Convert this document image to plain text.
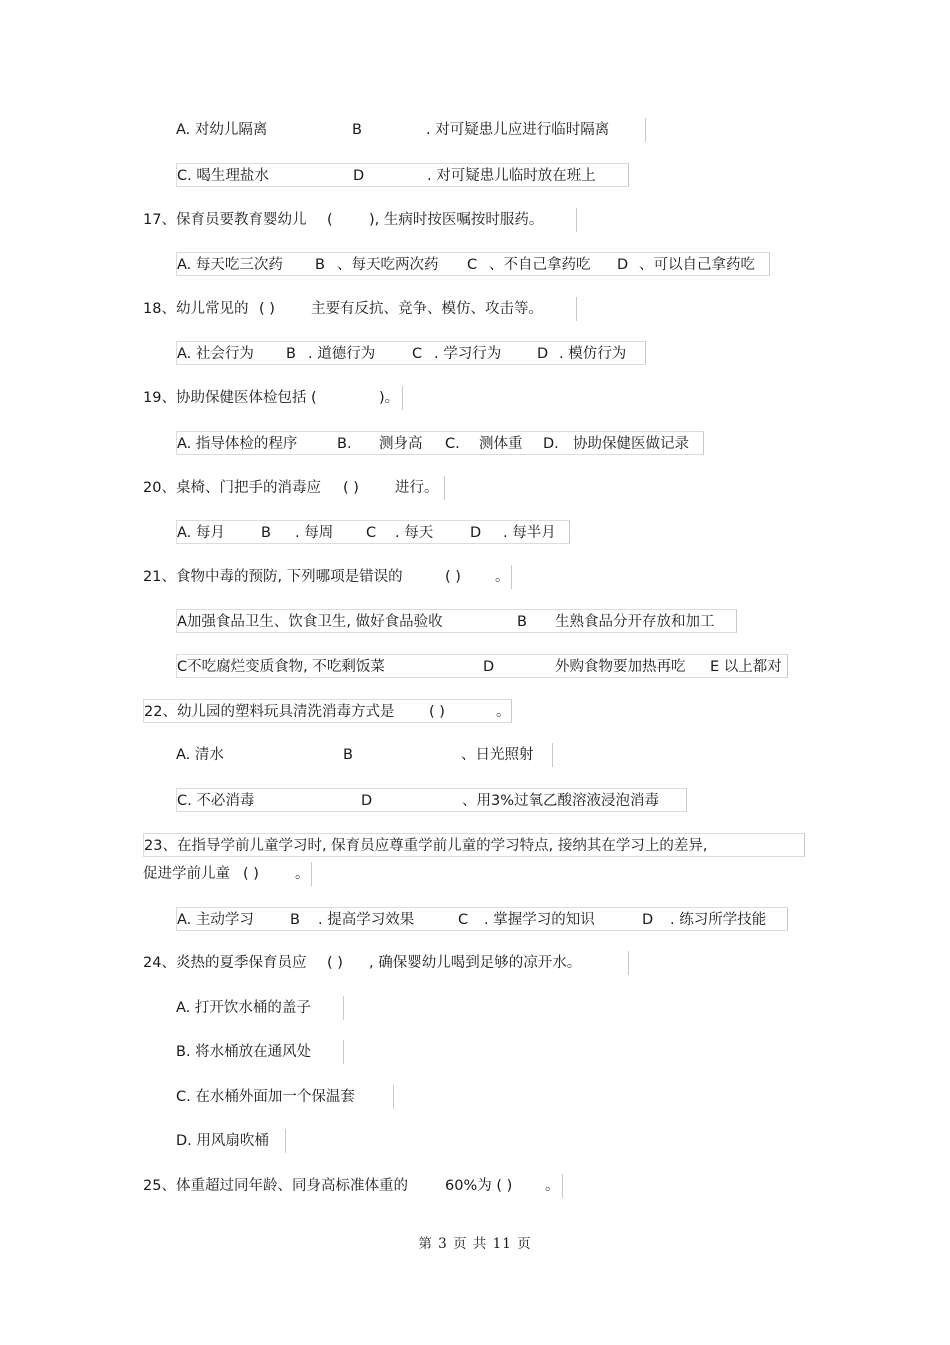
A. 对幼儿隔离	B	. 对可疑患儿应进行临时隔离
C. 喝生理盐水	D	. 对可疑患儿临时放在班上
17、保育员要教育婴幼儿 (	), 生病时按医嘱按时服药。
A. 每天吃三次药 B 、每天吃两次药 C 、不自己拿药吃 D 、可以自己拿药吃
18、幼儿常见的 ( ) 主要有反抗、竞争、模仿、攻击等。
A. 社会行为 B . 道德行为	C . 学习行为 D . 模仿行为
19、协助保健医体检包括 (	)。
A. 指导体检的程序	B. 测身高 C. 测体重 D. 协助保健医做记录
20、桌椅、门把手的消毒应 ( ) 进行。
A. 每月 B . 每周 C . 每天	D . 每半月
21、食物中毒的预防, 下列哪项是错误的	( ) 。
A加强食品卫生、饮食卫生, 做好食品验收	B 生熟食品分开存放和加工
C不吃腐烂变质食物, 不吃剩饭菜	D	外购食物要加热再吃 E 以上都对
22、幼儿园的塑料玩具清洗消毒方式是 ( )	。
A. 清水	B	、日光照射
C. 不必消毒	D	、用3%过氧乙酸溶液浸泡消毒
23、在指导学前儿童学习时, 保育员应尊重学前儿童的学习特点, 接纳其在学习上的差异,
促进学前儿童 ( ) 。
A. 主动学习 B . 提高学习效果	C . 掌握学习的知识	D . 练习所学技能
24、炎热的夏季保育员应 ( ) , 确保婴幼儿喝到足够的凉开水。
A. 打开饮水桶的盖子
B. 将水桶放在通风处
C. 在水桶外面加一个保温套
D. 用风扇吹桶
25、体重超过同年龄、同身高标准体重的	60%为 ( ) 。
第 3 页 共 11 页
